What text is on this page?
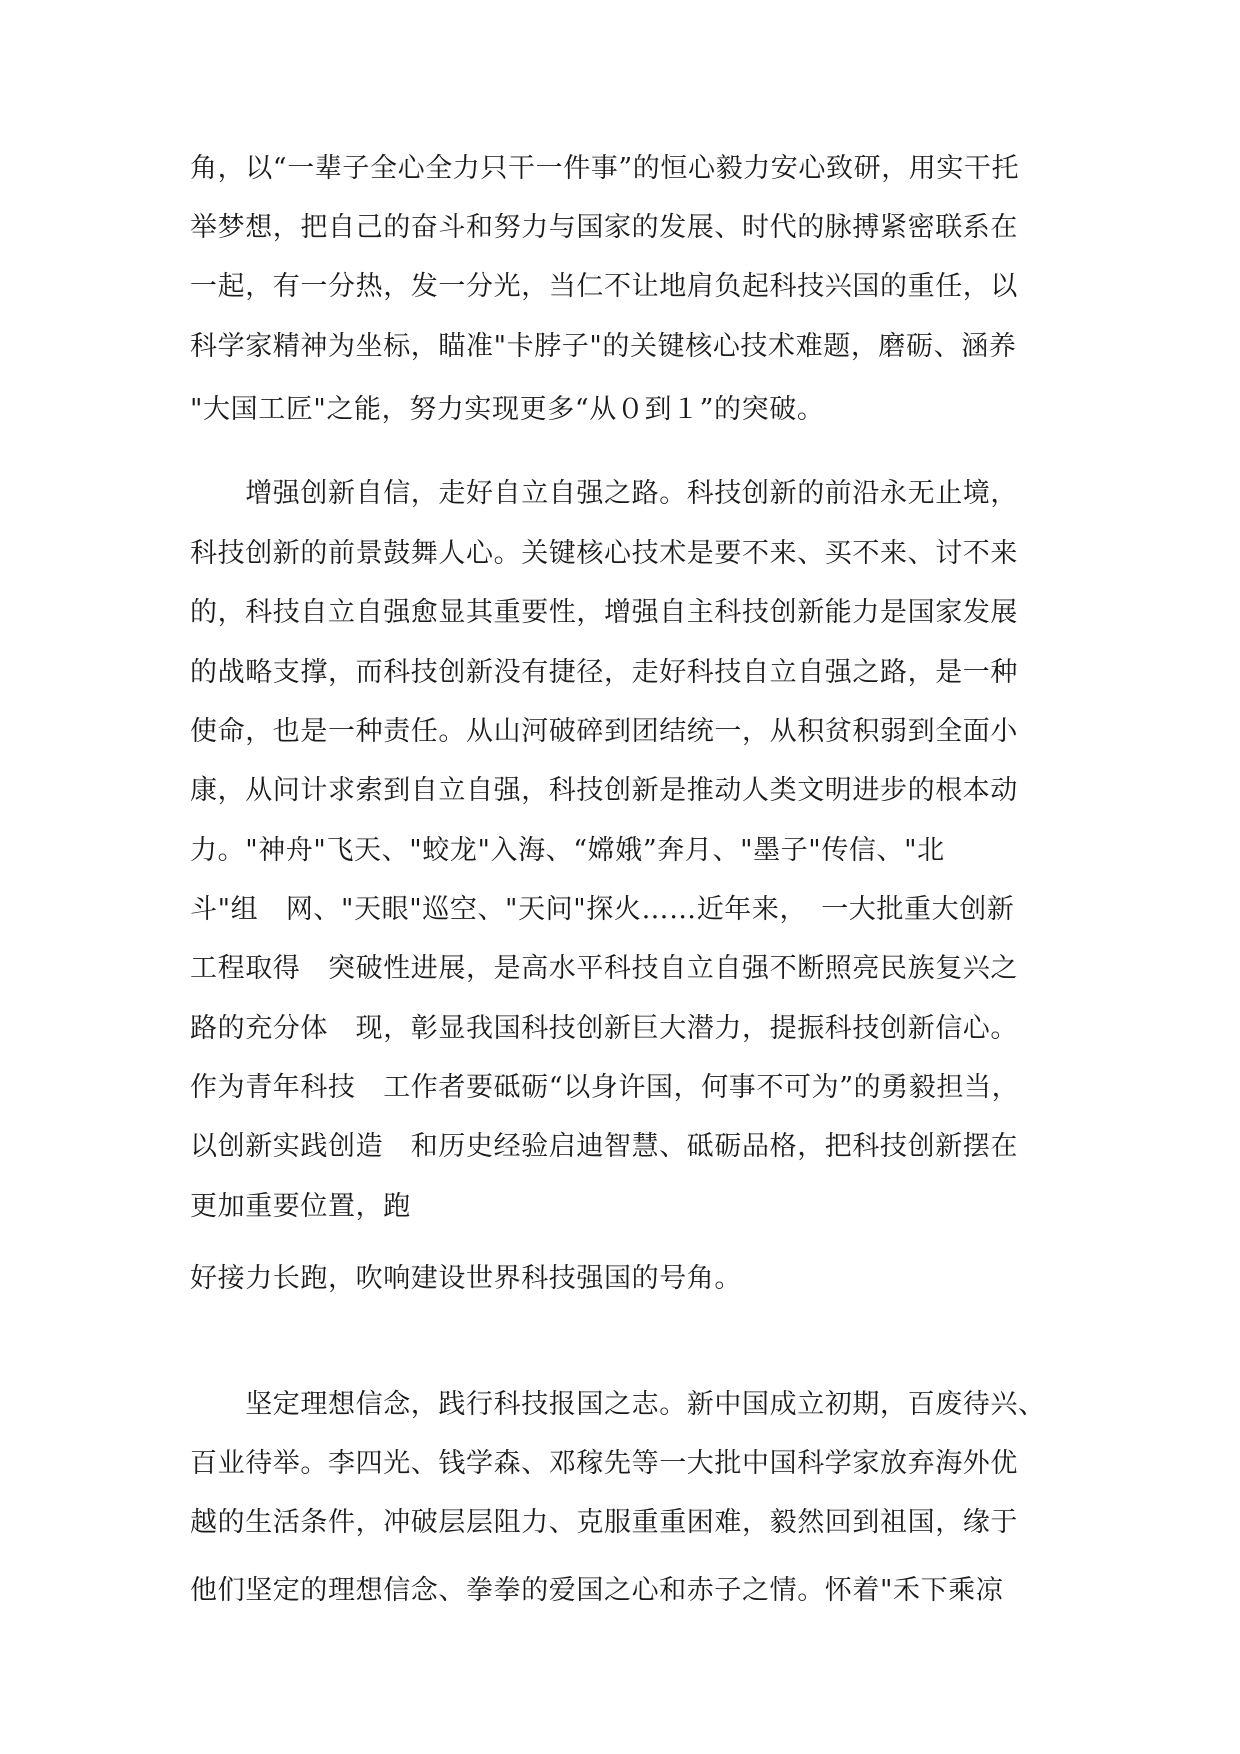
角，以“一辈子全心全力只干一件事”的恒心毅力安心致研，用实干托
举梦想，把自己的奋斗和努力与国家的发展、时代的脉搏紧密联系在
一起，有一分热，发一分光，当仁不让地肩负起科技兴国的重任，以
科学家精神为坐标，瞄准"卡脖子"的关键核心技术难题，磨砺、涵养
"大国工匠"之能，努力实现更多“从０到１”的突破。
　　增强创新自信，走好自立自强之路。科技创新的前沿永无止境，
科技创新的前景鼓舞人心。关键核心技术是要不来、买不来、讨不来
的，科技自立自强愈显其重要性，增强自主科技创新能力是国家发展
的战略支撑，而科技创新没有捷径，走好科技自立自强之路，是一种
使命，也是一种责任。从山河破碎到团结统一，从积贫积弱到全面小
康，从问计求索到自立自强，科技创新是推动人类文明进步的根本动
力。"神舟"飞天、"蛟龙"入海、“嫦娥”奔月、"墨子"传信、"北
斗"组　网、"天眼"巡空、"天问"探火……近年来，　一大批重大创新
工程取得　突破性进展，是高水平科技自立自强不断照亮民族复兴之
路的充分体　现，彰显我国科技创新巨大潜力，提振科技创新信心。
作为青年科技　工作者要砥砺“以身许国，何事不可为”的勇毅担当，
以创新实践创造　和历史经验启迪智慧、砥砺品格，把科技创新摆在
更加重要位置，跑
好接力长跑，吹响建设世界科技强国的号角。
　　坚定理想信念，践行科技报国之志。新中国成立初期，百废待兴、
百业待举。李四光、钱学森、邓稼先等一大批中国科学家放弃海外优
越的生活条件，冲破层层阻力、克服重重困难，毅然回到祖国，缘于
他们坚定的理想信念、拳拳的爱国之心和赤子之情。怀着"禾下乘凉
